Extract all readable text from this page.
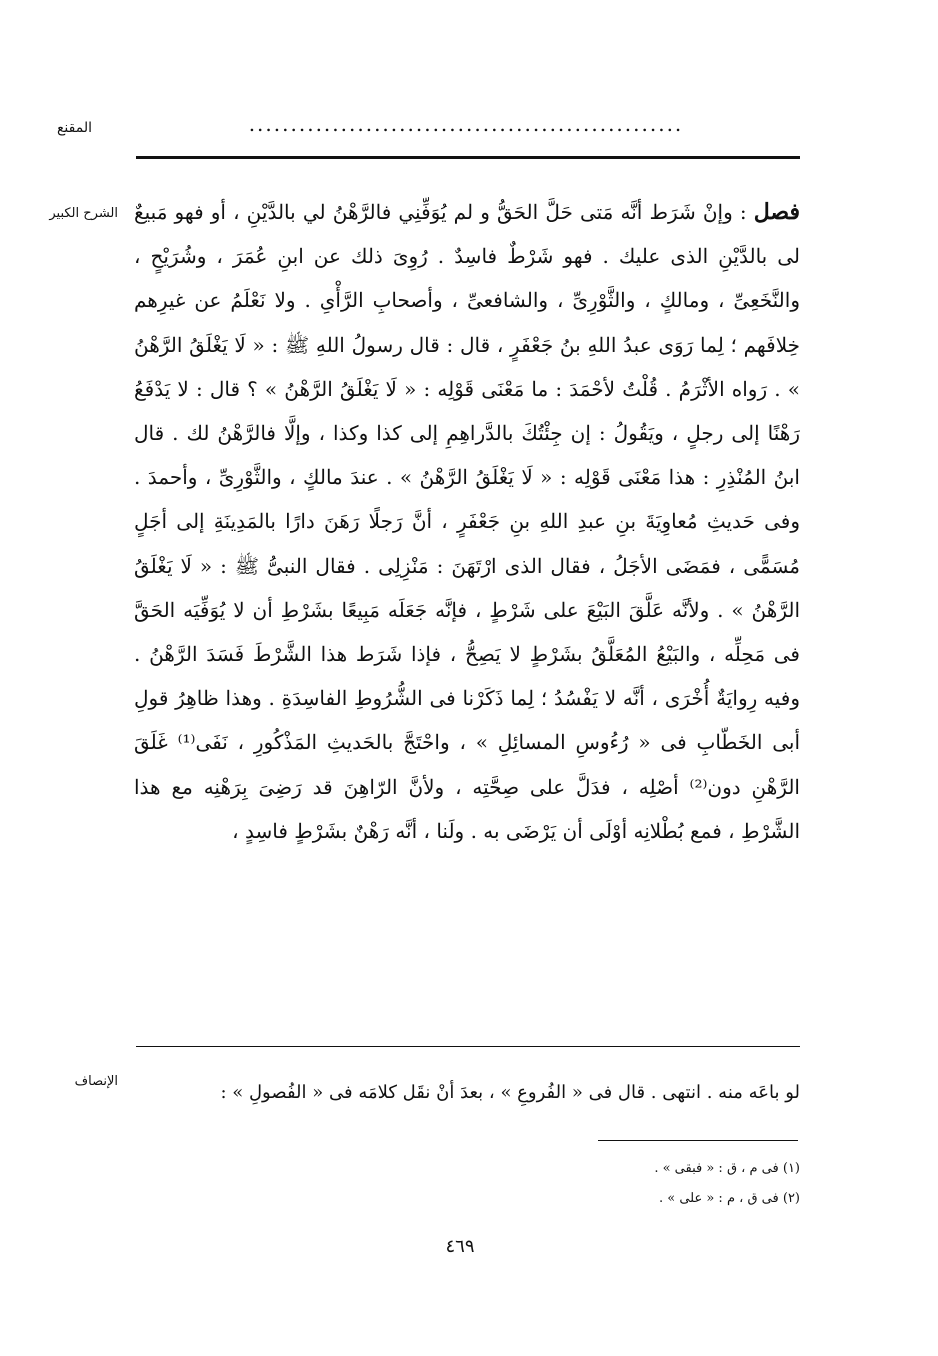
المقنع	....................................................
الشرح الكبير	فصل : وإنْ شَرَط أنَّه مَتى حَلَّ الحَقُّ و لم يُوَفِّنِي فالرَّهْنُ لي بالدَّيْنِ ، أو فهو مَبيعٌ لى بالدَّيْنِ الذى عليك . فهو شَرْطٌ فاسِدٌ . رُوِىَ ذلك عن ابنِ عُمَرَ ، وشُرَيْحٍ ، والنَّخَعِىِّ ، ومالكٍ ، والثَّوْرِىِّ ، والشافعىِّ ، وأصحابِ الرَّأْىِ . ولا نَعْلَمُ عن غيرِهم خِلافَهم ؛ لِما رَوَى عبدُ اللهِ بنُ جَعْفَرٍ ، قال : قال رسولُ اللهِ ﷺ : « لَا يَغْلَقُ الرَّهْنُ » . رَواه الأثْرَمُ . قُلْتُ لأحْمَدَ : ما مَعْنَى قَوْلِه : « لَا يَغْلَقُ الرَّهْنُ » ؟ قال : لا يَدْفَعُ رَهْنًا إلى رجلٍ ، ويَقُولُ : إن جِئْتُكَ بالدَّراهِمِ إلى كذا وكذا ، وإلَّا فالرَّهْنُ لك . قال ابنُ المُنْذِرِ : هذا مَعْنَى قَوْلِه : « لَا يَغْلَقُ الرَّهْنُ » . عندَ مالكٍ ، والثَّوْرِىِّ ، وأحمدَ . وفى حَديثِ مُعاوِيَةَ بنِ عبدِ اللهِ بنِ جَعْفَرٍ ، أنَّ رَجلًا رَهَنَ دارًا بالمَدِينَةِ إلى أجَلٍ مُسَمًّى ، فمَضَى الأجَلُ ، فقال الذى ارْتَهَنَ : مَنْزِلِى . فقال النبىُّ ﷺ : « لَا يَغْلَقُ الرَّهْنُ » . ولأنَّه عَلَّقَ البَيْعَ على شَرْطٍ ، فإنَّه جَعَلَه مَبِيعًا بشَرْطِ أن لا يُوَفِّيَه الحَقَّ فى مَحِلِّه ، والبَيْعُ المُعَلَّقُ بشَرْطٍ لا يَصِحُّ ، فإذا شَرَط هذا الشَّرْطَ فَسَدَ الرَّهْنُ . وفيه رِوايَةٌ أُخْرَى ، أنَّه لا يَفْسُدُ ؛ لِما ذَكَرْنا فى الشُّرُوطِ الفاسِدَةِ . وهذا ظاهِرُ قولِ أبى الخَطّابِ فى « رُءُوسِ المسائِلِ » ، واحْتَجَّ بالحَديثِ المَذْكُورِ ، نَفَى⁽¹⁾ غَلَقَ الرَّهْنِ دون⁽²⁾ أصْلِه ، فدَلَّ على صِحَّتِه ، ولأنَّ الرّاهِنَ قد رَضِىَ بِرَهْنِه مع هذا الشَّرْطِ ، فمع بُطْلانِه أوْلَى أن يَرْضَى به . ولَنا ، أنَّه رَهْنٌ بشَرْطٍ فاسِدٍ ،

الإنصاف
لو باعَه منه . انتهى . قال فى « الفُروعِ » ، بعدَ أنْ نقَل كلامَه فى « الفُصولِ » :
(١) فى م ، ق : « فبقى » .
(٢) فى ق ، م : « على » .
٤٦٩
